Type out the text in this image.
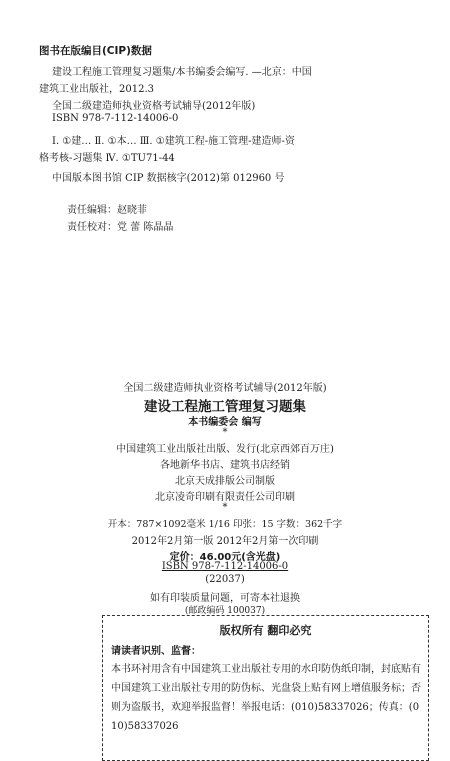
图书在版编目(CIP)数据
建设工程施工管理复习题集/本书编委会编写. —北京：中国
建筑工业出版社，2012.3
全国二级建造师执业资格考试辅导(2012年版)
ISBN 978-7-112-14006-0
Ⅰ. ①建… Ⅱ. ①本… Ⅲ. ①建筑工程-施工管理-建造师-资
格考核-习题集 Ⅳ. ①TU71-44
中国版本图书馆 CIP 数据核字(2012)第 012960 号
责任编辑：赵晓菲
责任校对：党 蕾 陈晶晶
全国二级建造师执业资格考试辅导(2012年版)
建设工程施工管理复习题集
本书编委会 编写
*
中国建筑工业出版社出版、发行(北京西郊百万庄)
各地新华书店、建筑书店经销
北京天成排版公司制版
北京凌奇印刷有限责任公司印刷
*
开本：787×1092毫米 1/16 印张：15 字数：362千字
2012年2月第一版 2012年2月第一次印刷
定价：46.00元(含光盘)
ISBN 978-7-112-14006-0
(22037)
版权所有 翻印必究
请读者识别、监督：
本书环衬用含有中国建筑工业出版社专用的水印防伪纸印制，封底贴有中国建筑工业出版社专用的防伪标、光盘袋上贴有网上增值服务标；否则为盗版书，欢迎举报监督！举报电话：(010)58337026；传真：(010)58337026
如有印装质量问题，可寄本社退换
(邮政编码 100037)
